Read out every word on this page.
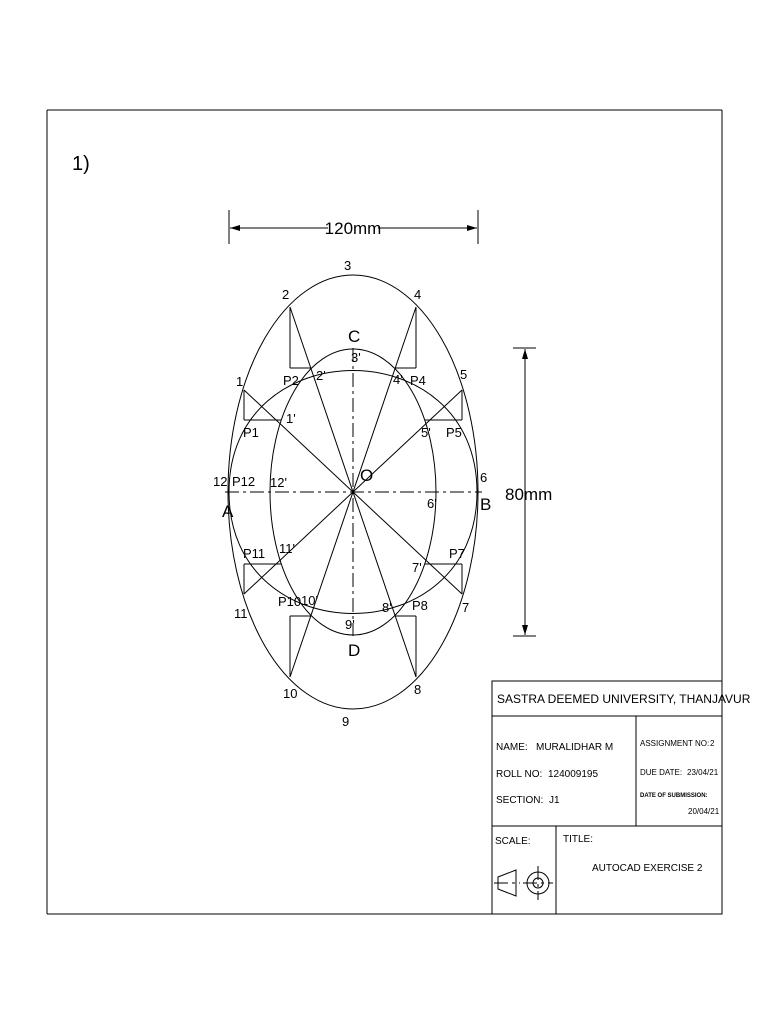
1)
120mm
80mm
A	B
C
D
O
1
2
3
4
5
6
7
8
9
10
11
12
1'
2'
3'
4'
5'
6'
7'
8'
9'
10'
11'
12'
P1
P2	P4
P5
P7
P8
P10
P11
P12
SASTRA DEEMED UNIVERSITY, THANJAVUR
NAME: MURALIDHAR M
ROLL NO: 124009195
SECTION: J1
ASSIGNMENT NO: 2
DUE DATE: 23/04/21
DATE OF SUBMISSION:
20/04/21
SCALE:	TITLE:
AUTOCAD EXERCISE 2
